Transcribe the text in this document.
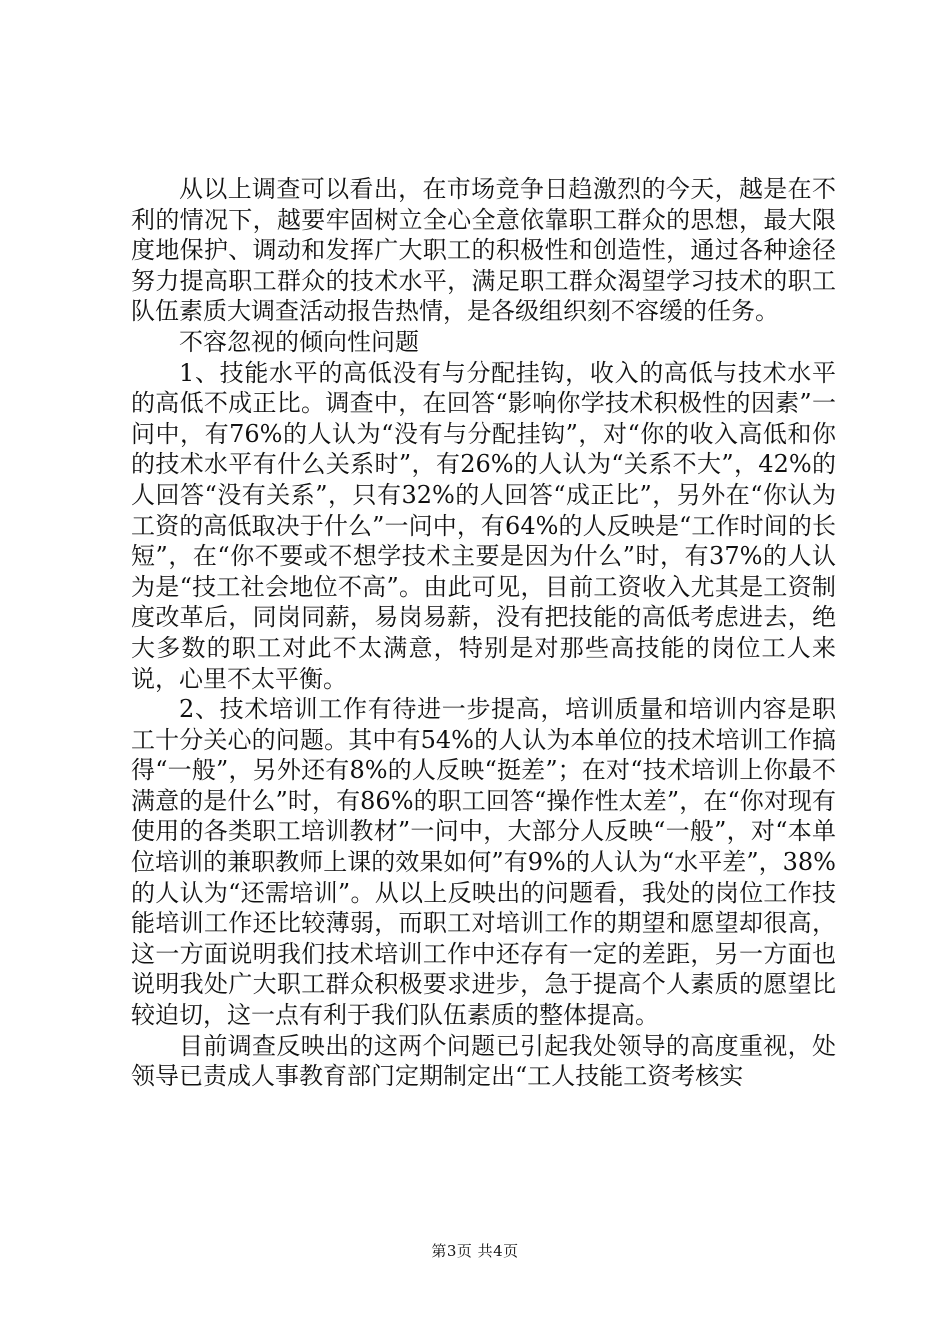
从以上调查可以看出，在市场竞争日趋激烈的今天，越是在不利的情况下，越要牢固树立全心全意依靠职工群众的思想，最大限度地保护、调动和发挥广大职工的积极性和创造性，通过各种途径努力提高职工群众的技术水平，满足职工群众渴望学习技术的职工队伍素质大调查活动报告热情，是各级组织刻不容缓的任务。

不容忽视的倾向性问题

1、技能水平的高低没有与分配挂钩，收入的高低与技术水平的高低不成正比。调查中，在回答“影响你学技术积极性的因素”一问中，有76%的人认为“没有与分配挂钩”，对“你的收入高低和你的技术水平有什么关系时”，有26%的人认为“关系不大”，42%的人回答“没有关系”，只有32%的人回答“成正比”，另外在“你认为工资的高低取决于什么”一问中，有64%的人反映是“工作时间的长短”，在“你不要或不想学技术主要是因为什么”时，有37%的人认为是“技工社会地位不高”。由此可见，目前工资收入尤其是工资制度改革后，同岗同薪，易岗易薪，没有把技能的高低考虑进去，绝大多数的职工对此不太满意，特别是对那些高技能的岗位工人来说，心里不太平衡。

2、技术培训工作有待进一步提高，培训质量和培训内容是职工十分关心的问题。其中有54%的人认为本单位的技术培训工作搞得“一般”，另外还有8%的人反映“挺差”；在对“技术培训上你最不满意的是什么”时，有86%的职工回答“操作性太差”，在“你对现有使用的各类职工培训教材”一问中，大部分人反映“一般”，对“本单位培训的兼职教师上课的效果如何”有9%的人认为“水平差”，38%的人认为“还需培训”。从以上反映出的问题看，我处的岗位工作技能培训工作还比较薄弱，而职工对培训工作的期望和愿望却很高，这一方面说明我们技术培训工作中还存有一定的差距，另一方面也说明我处广大职工群众积极要求进步，急于提高个人素质的愿望比较迫切，这一点有利于我们队伍素质的整体提高。

目前调查反映出的这两个问题已引起我处领导的高度重视，处领导已责成人事教育部门定期制定出“工人技能工资考核实

第3页 共4页
